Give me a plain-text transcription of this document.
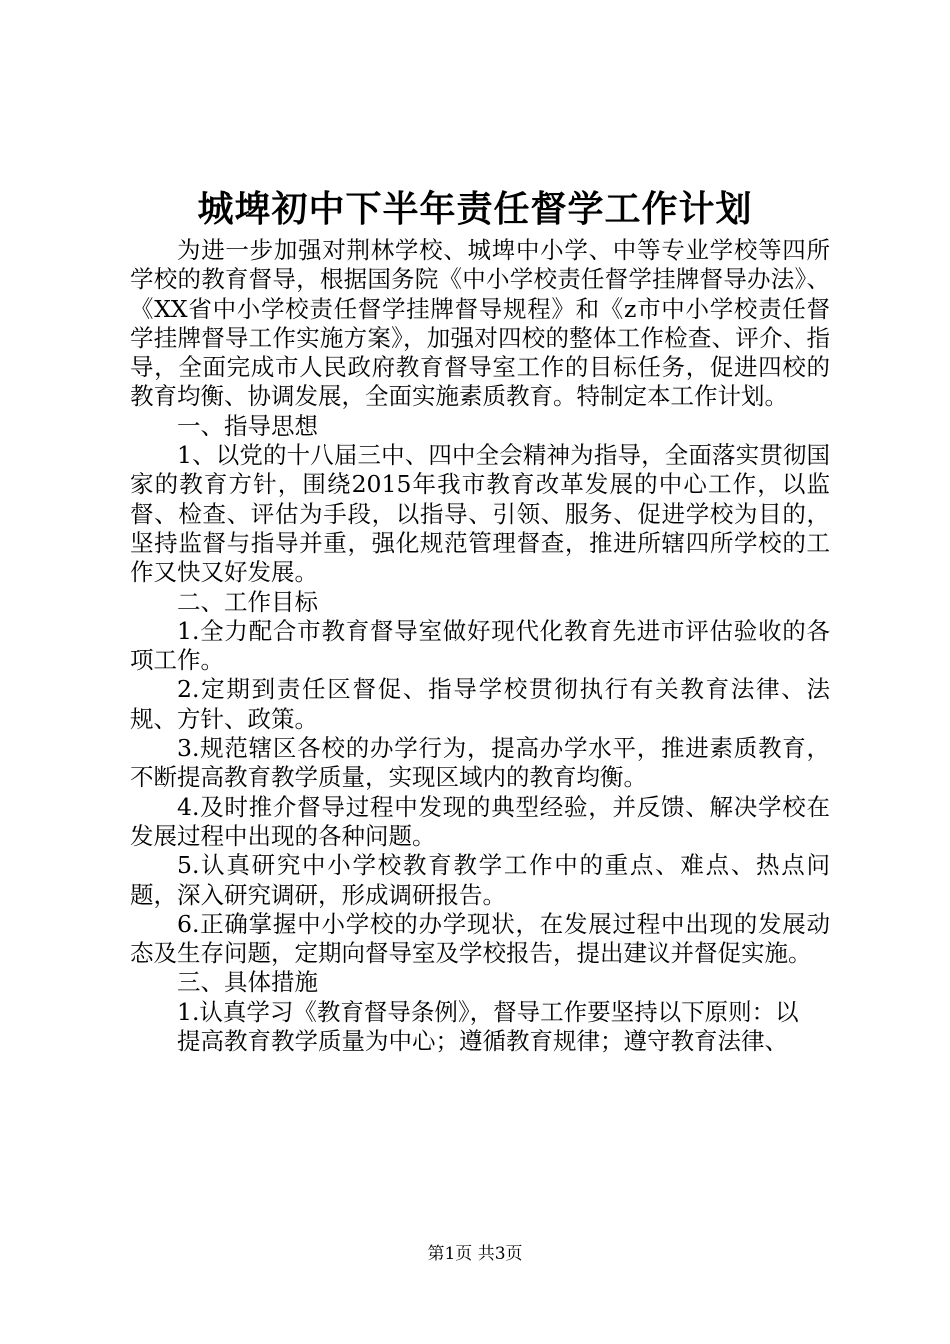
城埤初中下半年责任督学工作计划

为进一步加强对荆林学校、城埤中小学、中等专业学校等四所学校的教育督导，根据国务院《中小学校责任督学挂牌督导办法》、《XX省中小学校责任督学挂牌督导规程》和《z市中小学校责任督学挂牌督导工作实施方案》，加强对四校的整体工作检查、评介、指导，全面完成市人民政府教育督导室工作的目标任务，促进四校的教育均衡、协调发展，全面实施素质教育。特制定本工作计划。

一、指导思想

1、以党的十八届三中、四中全会精神为指导，全面落实贯彻国家的教育方针，围绕2015年我市教育改革发展的中心工作，以监督、检查、评估为手段，以指导、引领、服务、促进学校为目的，坚持监督与指导并重，强化规范管理督查，推进所辖四所学校的工作又快又好发展。

二、工作目标

1.全力配合市教育督导室做好现代化教育先进市评估验收的各项工作。

2.定期到责任区督促、指导学校贯彻执行有关教育法律、法规、方针、政策。

3.规范辖区各校的办学行为，提高办学水平，推进素质教育，不断提高教育教学质量，实现区域内的教育均衡。

4.及时推介督导过程中发现的典型经验，并反馈、解决学校在发展过程中出现的各种问题。

5.认真研究中小学校教育教学工作中的重点、难点、热点问题，深入研究调研，形成调研报告。

6.正确掌握中小学校的办学现状，在发展过程中出现的发展动态及生存问题，定期向督导室及学校报告，提出建议并督促实施。

三、具体措施

1.认真学习《教育督导条例》，督导工作要坚持以下原则：以

提高教育教学质量为中心；遵循教育规律；遵守教育法律、

第1页 共3页
